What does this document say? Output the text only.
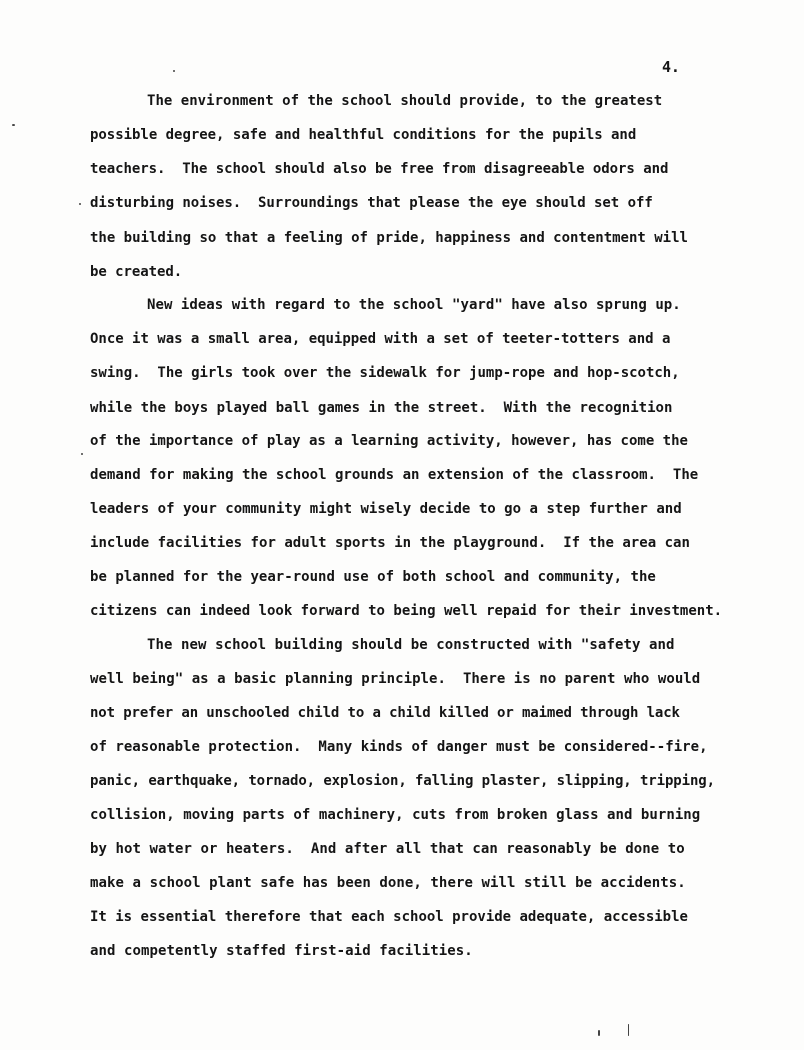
4.
The environment of the school should provide, to the greatest
possible degree, safe and healthful conditions for the pupils and
teachers.  The school should also be free from disagreeable odors and
disturbing noises.  Surroundings that please the eye should set off
the building so that a feeling of pride, happiness and contentment will
be created.
New ideas with regard to the school "yard" have also sprung up.
Once it was a small area, equipped with a set of teeter-totters and a
swing.  The girls took over the sidewalk for jump-rope and hop-scotch,
while the boys played ball games in the street.  With the recognition
of the importance of play as a learning activity, however, has come the
demand for making the school grounds an extension of the classroom.  The
leaders of your community might wisely decide to go a step further and
include facilities for adult sports in the playground.  If the area can
be planned for the year-round use of both school and community, the
citizens can indeed look forward to being well repaid for their investment.
The new school building should be constructed with "safety and
well being" as a basic planning principle.  There is no parent who would
not prefer an unschooled child to a child killed or maimed through lack
of reasonable protection.  Many kinds of danger must be considered--fire,
panic, earthquake, tornado, explosion, falling plaster, slipping, tripping,
collision, moving parts of machinery, cuts from broken glass and burning
by hot water or heaters.  And after all that can reasonably be done to
make a school plant safe has been done, there will still be accidents.
It is essential therefore that each school provide adequate, accessible
and competently staffed first-aid facilities.
